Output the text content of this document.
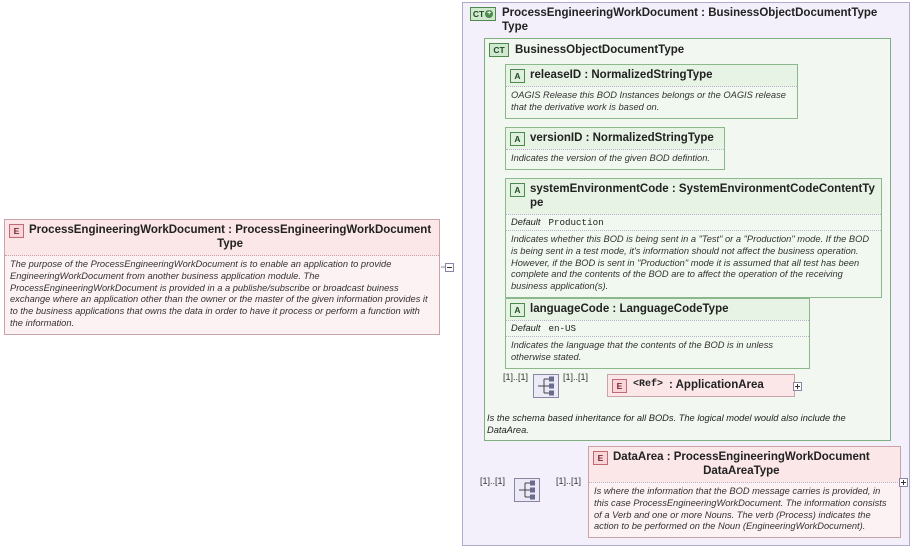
CT + ProcessEngineeringWorkDocument : BusinessObjectDocumentType Type
CT BusinessObjectDocumentType
Is the schema based inheritance for all BODs. The logical model would also include the DataArea.
E ProcessEngineeringWorkDocument : ProcessEngineeringWorkDocument
Type
The purpose of the ProcessEngineeringWorkDocument is to enable an application to provide EngineeringWorkDocument from another business application module. The ProcessEngineeringWorkDocument is provided in a a publishe/subscribe or broadcast buiness exchange where an application other than the owner or the master of the given information provides it to the business applications that owns the data in order to have it process or perform a function with the information.
A releaseID : NormalizedStringType
OAGIS Release this BOD Instances belongs or the OAGIS release that the derivative work is based on.
A versionID : NormalizedStringType
Indicates the version of the given BOD defintion.
A systemEnvironmentCode : SystemEnvironmentCodeContentTy
pe
Default Production
Indicates whether this BOD is being sent in a "Test" or a "Production" mode. If the BOD is being sent in a test mode, it's information should not affect the business operation. However, if the BOD is sent in "Production" mode it is assumed that all test has been complete and the contents of the BOD are to affect the operation of the receiving business application(s).
A languageCode : LanguageCodeType
Default en-US
Indicates the language that the contents of the BOD is in unless otherwise stated.
[1]..[1]	[1]..[1]
E	<Ref> : ApplicationArea
[1]..[1]	[1]..[1]
E DataArea : ProcessEngineeringWorkDocument
DataAreaType
Is where the information that the BOD message carries is provided, in this case ProcessEngineeringWorkDocument. The information consists of a Verb and one or more Nouns. The verb (Process) indicates the action to be performed on the Noun (EngineeringWorkDocument).
